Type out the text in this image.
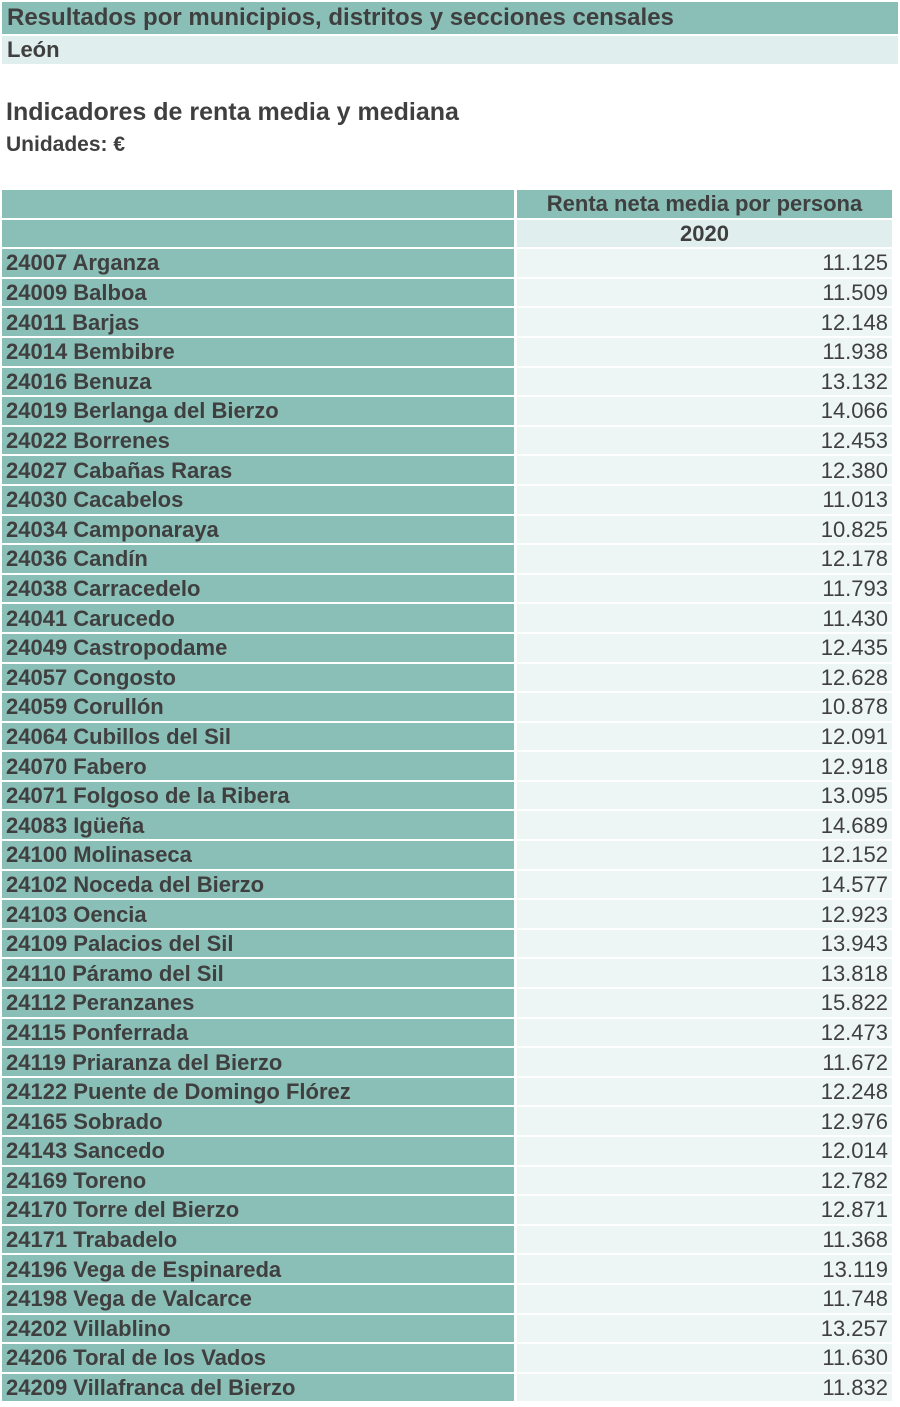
Resultados por municipios, distritos y secciones censales
León
Indicadores de renta media y mediana
Unidades: €
		Renta neta media por persona
		2020
24007 Arganza		11.125
24009 Balboa		11.509
24011 Barjas		12.148
24014 Bembibre		11.938
24016 Benuza		13.132
24019 Berlanga del Bierzo		14.066
24022 Borrenes		12.453
24027 Cabañas Raras		12.380
24030 Cacabelos		11.013
24034 Camponaraya		10.825
24036 Candín		12.178
24038 Carracedelo		11.793
24041 Carucedo		11.430
24049 Castropodame		12.435
24057 Congosto		12.628
24059 Corullón		10.878
24064 Cubillos del Sil		12.091
24070 Fabero		12.918
24071 Folgoso de la Ribera		13.095
24083 Igüeña		14.689
24100 Molinaseca		12.152
24102 Noceda del Bierzo		14.577
24103 Oencia		12.923
24109 Palacios del Sil		13.943
24110 Páramo del Sil		13.818
24112 Peranzanes		15.822
24115 Ponferrada		12.473
24119 Priaranza del Bierzo		11.672
24122 Puente de Domingo Flórez		12.248
24165 Sobrado		12.976
24143 Sancedo		12.014
24169 Toreno		12.782
24170 Torre del Bierzo		12.871
24171 Trabadelo		11.368
24196 Vega de Espinareda		13.119
24198 Vega de Valcarce		11.748
24202 Villablino		13.257
24206 Toral de los Vados		11.630
24209 Villafranca del Bierzo		11.832
